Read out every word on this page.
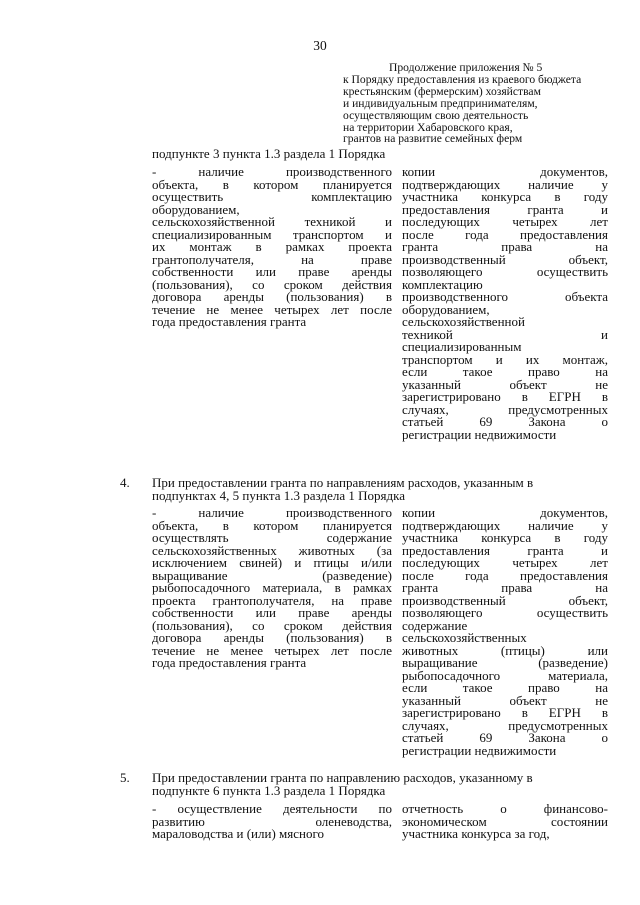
30
Продолжение приложения № 5
к Порядку предоставления из краевого бюджета
крестьянским (фермерским) хозяйствам
и индивидуальным предпринимателям,
осуществляющим свою деятельность
на территории Хабаровского края,
грантов на развитие семейных ферм
подпункте 3 пункта 1.3 раздела 1 Порядка
- наличие производственного
объекта, в котором планируется
осуществить комплектацию
оборудованием,
сельскохозяйственной техникой и
специализированным транспортом и
их монтаж в рамках проекта
грантополучателя, на праве
собственности или праве аренды
(пользования), со сроком действия
договора аренды (пользования) в
течение не менее четырех лет после
года предоставления гранта
копии документов,
подтверждающих наличие у
участника конкурса в году
предоставления гранта и
последующих четырех лет
после года предоставления
гранта права на
производственный объект,
позволяющего осуществить
комплектацию
производственного объекта
оборудованием,
сельскохозяйственной
техникой и
специализированным
транспортом и их монтаж,
если такое право на
указанный объект не
зарегистрировано в ЕГРН в
случаях, предусмотренных
статьей 69 Закона о
регистрации недвижимости
4. При предоставлении гранта по направлениям расходов, указанным в
подпунктах 4, 5 пункта 1.3 раздела 1 Порядка
- наличие производственного
объекта, в котором планируется
осуществлять содержание
сельскохозяйственных животных (за
исключением свиней) и птицы и/или
выращивание (разведение)
рыбопосадочного материала, в рамках
проекта грантополучателя, на праве
собственности или праве аренды
(пользования), со сроком действия
договора аренды (пользования) в
течение не менее четырех лет после
года предоставления гранта
копии документов,
подтверждающих наличие у
участника конкурса в году
предоставления гранта и
последующих четырех лет
после года предоставления
гранта права на
производственный объект,
позволяющего осуществить
содержание
сельскохозяйственных
животных (птицы) или
выращивание (разведение)
рыбопосадочного материала,
если такое право на
указанный объект не
зарегистрировано в ЕГРН в
случаях, предусмотренных
статьей 69 Закона о
регистрации недвижимости
5. При предоставлении гранта по направлению расходов, указанному в
подпункте 6 пункта 1.3 раздела 1 Порядка
- осуществление деятельности по
развитию оленеводства,
мараловодства и (или) мясного
отчетность о финансово-
экономическом состоянии
участника конкурса за год,
